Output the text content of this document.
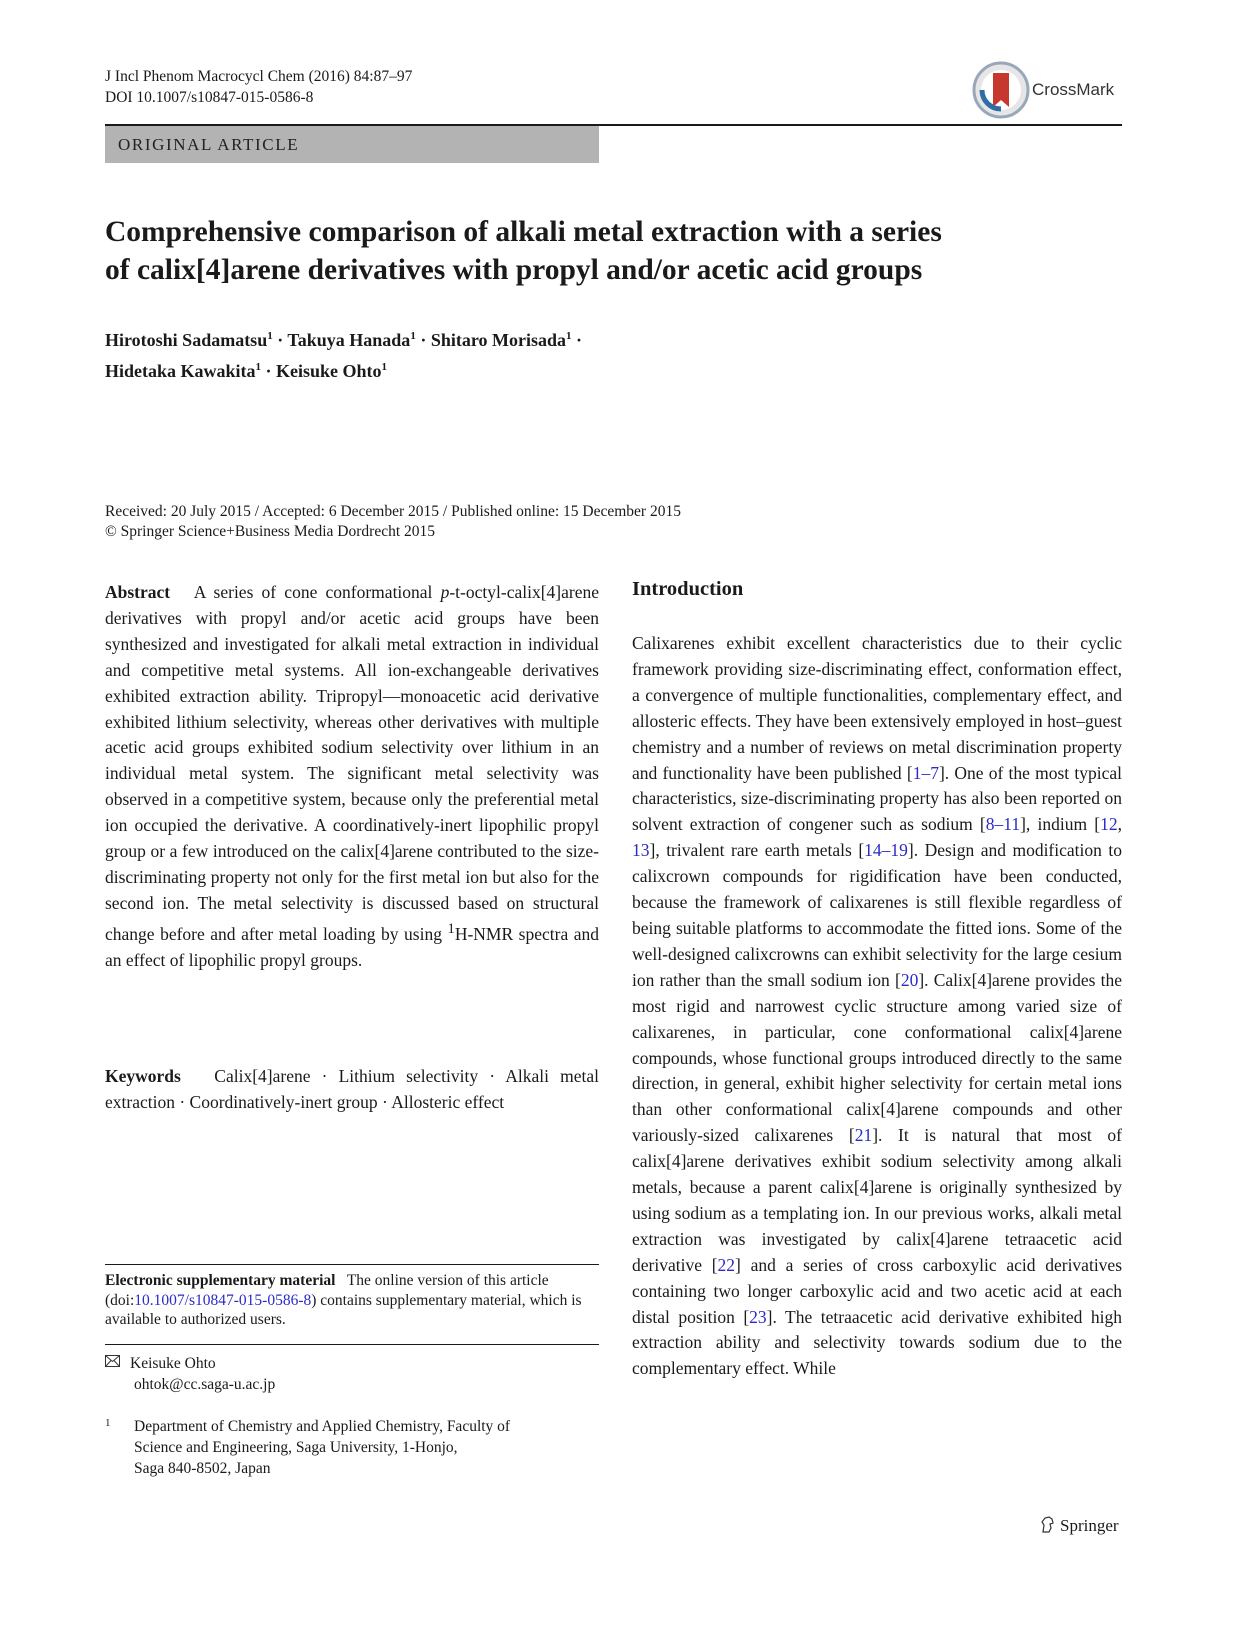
J Incl Phenom Macrocycl Chem (2016) 84:87–97
DOI 10.1007/s10847-015-0586-8	CrossMark
ORIGINAL ARTICLE
Comprehensive comparison of alkali metal extraction with a series
of calix[4]arene derivatives with propyl and/or acetic acid groups
Hirotoshi Sadamatsu$^1$ · Takuya Hanada$^1$ · Shitaro Morisada$^1$ ·
Hidetaka Kawakita$^1$ · Keisuke Ohto$^1$
Received: 20 July 2015 / Accepted: 6 December 2015 / Published online: 15 December 2015
© Springer Science+Business Media Dordrecht 2015
Abstract A series of cone conformational p-t-octyl-calix[4]arene derivatives with propyl and/or acetic acid groups have been synthesized and investigated for alkali metal extraction in individual and competitive metal systems. All ion-exchangeable derivatives exhibited extraction ability. Tripropyl—monoacetic acid derivative exhibited lithium selectivity, whereas other derivatives with multiple acetic acid groups exhibited sodium selectivity over lithium in an individual metal system. The significant metal selectivity was observed in a competitive system, because only the preferential metal ion occupied the derivative. A coordinatively-inert lipophilic propyl group or a few introduced on the calix[4]arene contributed to the size-discriminating property not only for the first metal ion but also for the second ion. The metal selectivity is discussed based on structural change before and after metal loading by using $^1$H-NMR spectra and an effect of lipophilic propyl groups.
Keywords Calix[4]arene · Lithium selectivity · Alkali metal extraction · Coordinatively-inert group · Allosteric effect
Electronic supplementary material The online version of this article (doi:10.1007/s10847-015-0586-8) contains supplementary material, which is available to authorized users.
Keisuke Ohto
ohtok@cc.saga-u.ac.jp
1	Department of Chemistry and Applied Chemistry, Faculty of
Science and Engineering, Saga University, 1-Honjo,
Saga 840-8502, Japan
Introduction
Calixarenes exhibit excellent characteristics due to their cyclic framework providing size-discriminating effect, conformation effect, a convergence of multiple functionalities, complementary effect, and allosteric effects. They have been extensively employed in host–guest chemistry and a number of reviews on metal discrimination property and functionality have been published [1–7]. One of the most typical characteristics, size-discriminating property has also been reported on solvent extraction of congener such as sodium [8–11], indium [12, 13], trivalent rare earth metals [14–19]. Design and modification to calixcrown compounds for rigidification have been conducted, because the framework of calixarenes is still flexible regardless of being suitable platforms to accommodate the fitted ions. Some of the well-designed calixcrowns can exhibit selectivity for the large cesium ion rather than the small sodium ion [20]. Calix[4]arene provides the most rigid and narrowest cyclic structure among varied size of calixarenes, in particular, cone conformational calix[4]arene compounds, whose functional groups introduced directly to the same direction, in general, exhibit higher selectivity for certain metal ions than other conformational calix[4]arene compounds and other variously-sized calixarenes [21]. It is natural that most of calix[4]arene derivatives exhibit sodium selectivity among alkali metals, because a parent calix[4]arene is originally synthesized by using sodium as a templating ion. In our previous works, alkali metal extraction was investigated by calix[4]arene tetraacetic acid derivative [22] and a series of cross carboxylic acid derivatives containing two longer carboxylic acid and two acetic acid at each distal position [23]. The tetraacetic acid derivative exhibited high extraction ability and selectivity towards sodium due to the complementary effect. While
Springer
